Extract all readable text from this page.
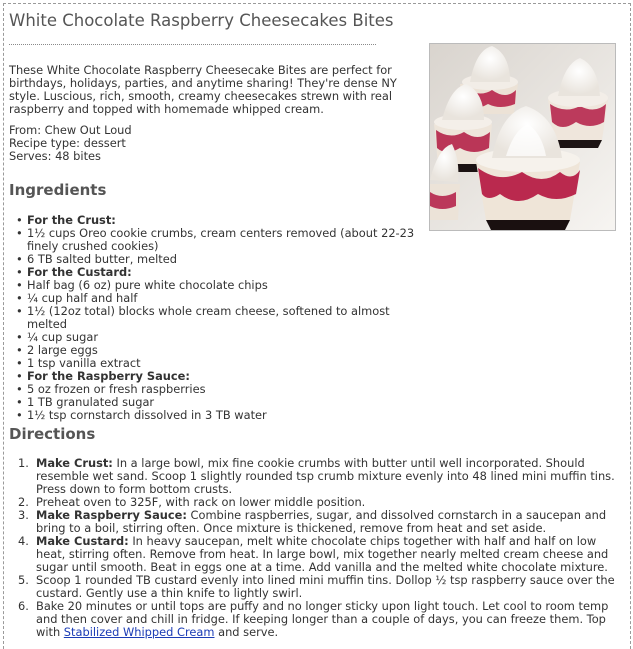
White Chocolate Raspberry Cheesecakes Bites

These White Chocolate Raspberry Cheesecake Bites are perfect for birthdays, holidays, parties, and anytime sharing! They're dense NY style. Luscious, rich, smooth, creamy cheesecakes strewn with real raspberry and topped with homemade whipped cream.

From: Chew Out Loud
Recipe type: dessert
Serves: 48 bites
Ingredients
• For the Crust:
• 1½ cups Oreo cookie crumbs, cream centers removed (about 22-23 finely crushed cookies)
• 6 TB salted butter, melted
• For the Custard:
• Half bag (6 oz) pure white chocolate chips
• ¼ cup half and half
• 1½ (12oz total) blocks whole cream cheese, softened to almost melted
• ¼ cup sugar
• 2 large eggs
• 1 tsp vanilla extract
• For the Raspberry Sauce:
• 5 oz frozen or fresh raspberries
• 1 TB granulated sugar
• 1½ tsp cornstarch dissolved in 3 TB water
Directions
1. Make Crust: In a large bowl, mix fine cookie crumbs with butter until well incorporated. Should resemble wet sand. Scoop 1 slightly rounded tsp crumb mixture evenly into 48 lined mini muffin tins. Press down to form bottom crusts.
2. Preheat oven to 325F, with rack on lower middle position.
3. Make Raspberry Sauce: Combine raspberries, sugar, and dissolved cornstarch in a saucepan and bring to a boil, stirring often. Once mixture is thickened, remove from heat and set aside.
4. Make Custard: In heavy saucepan, melt white chocolate chips together with half and half on low heat, stirring often. Remove from heat. In large bowl, mix together nearly melted cream cheese and sugar until smooth. Beat in eggs one at a time. Add vanilla and the melted white chocolate mixture.
5. Scoop 1 rounded TB custard evenly into lined mini muffin tins. Dollop ½ tsp raspberry sauce over the custard. Gently use a thin knife to lightly swirl.
6. Bake 20 minutes or until tops are puffy and no longer sticky upon light touch. Let cool to room temp and then cover and chill in fridge. If keeping longer than a couple of days, you can freeze them. Top with Stabilized Whipped Cream and serve.
